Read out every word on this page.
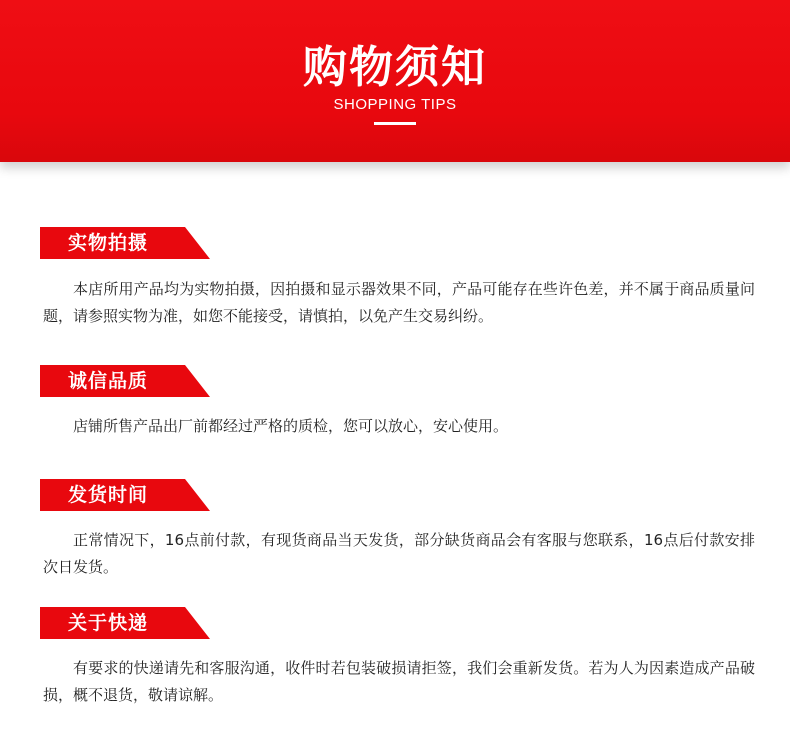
购物须知
SHOPPING TIPS
实物拍摄

本店所用产品均为实物拍摄，因拍摄和显示器效果不同，产品可能存在些许色差，并不属于商品质量问题，请参照实物为准，如您不能接受，请慎拍，以免产生交易纠纷。

诚信品质

店铺所售产品出厂前都经过严格的质检，您可以放心，安心使用。

发货时间

正常情况下，16点前付款，有现货商品当天发货，部分缺货商品会有客服与您联系，16点后付款安排次日发货。

关于快递

有要求的快递请先和客服沟通，收件时若包装破损请拒签，我们会重新发货。若为人为因素造成产品破损，概不退货，敬请谅解。
